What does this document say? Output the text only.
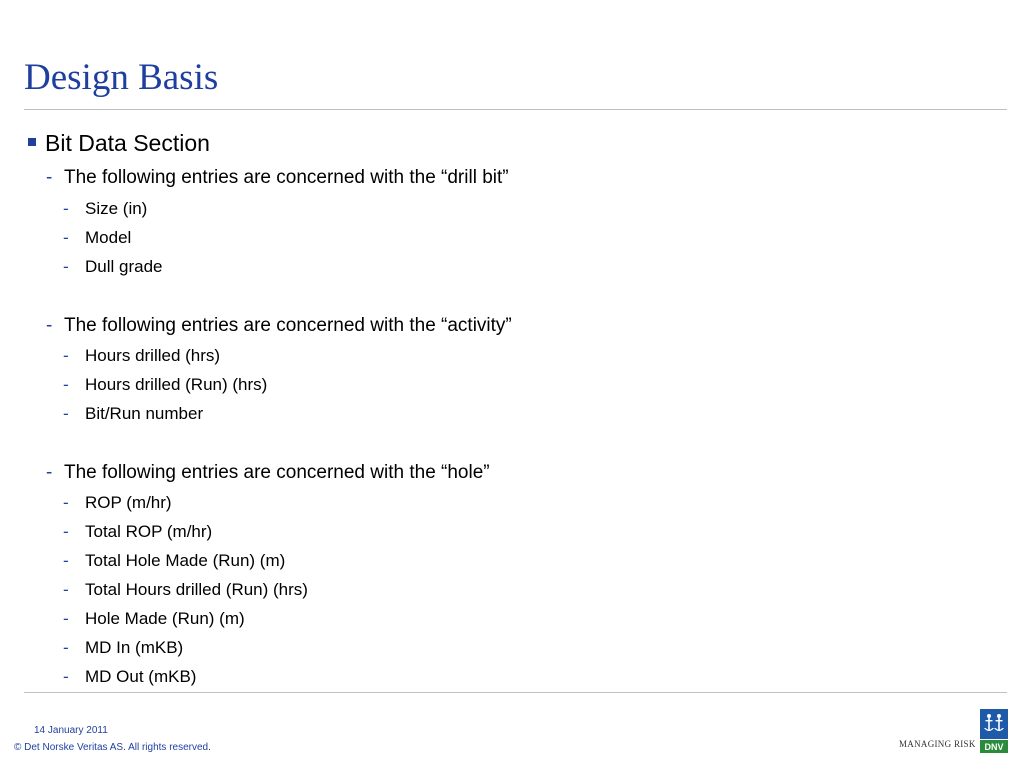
Design Basis
Bit Data Section
- The following entries are concerned with the “drill bit”
- Size (in)
- Model
- Dull grade
- The following entries are concerned with the “activity”
- Hours drilled (hrs)
- Hours drilled (Run) (hrs)
- Bit/Run number
- The following entries are concerned with the “hole”
- ROP (m/hr)
- Total ROP (m/hr)
- Total Hole Made (Run) (m)
- Total Hours drilled (Run) (hrs)
- Hole Made (Run) (m)
- MD In (mKB)
- MD Out (mKB)
14 January 2011
© Det Norske Veritas AS. All rights reserved.	MANAGING RISK DNV
